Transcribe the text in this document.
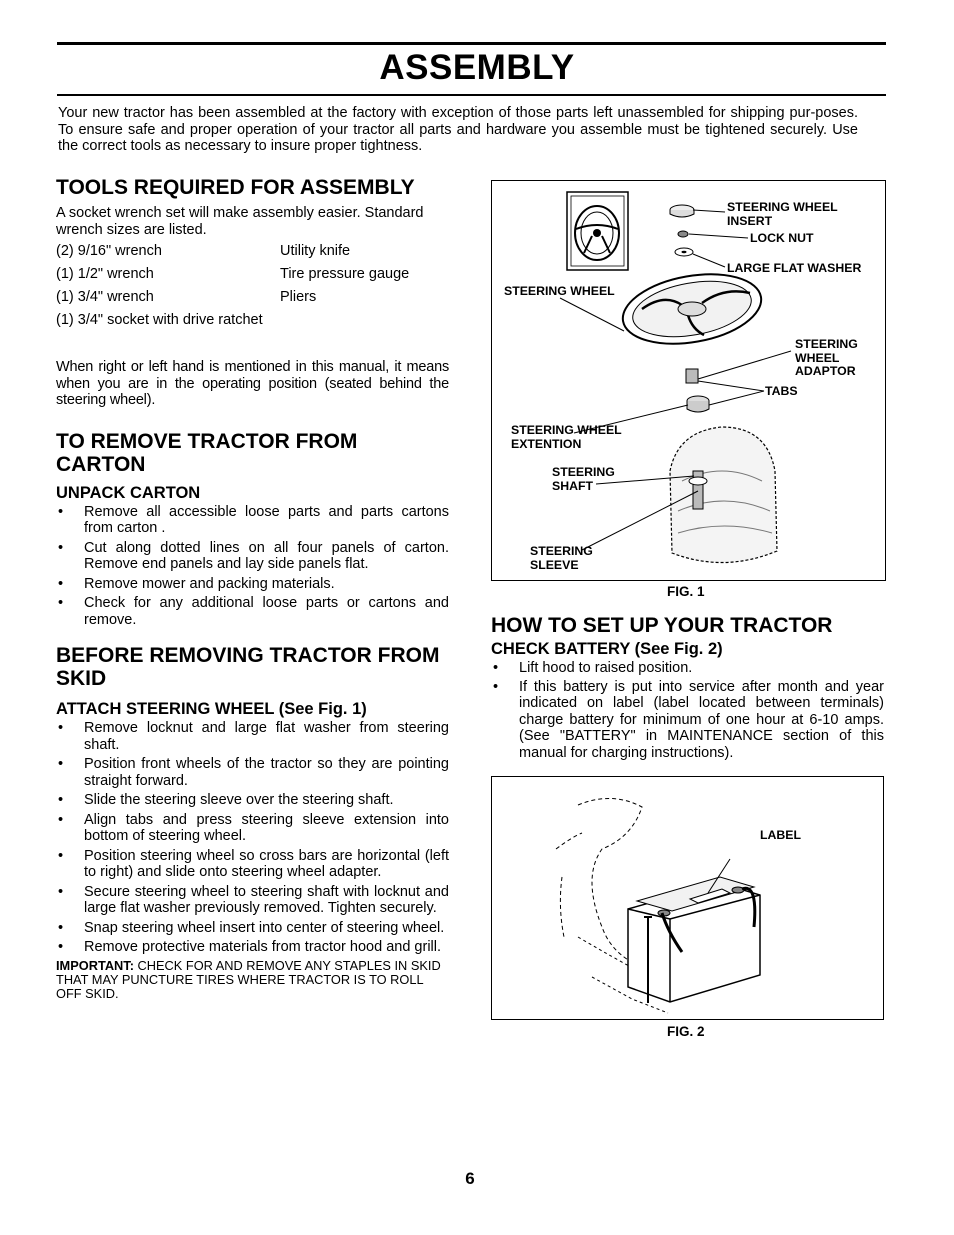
ASSEMBLY

Your new tractor has been assembled at the factory with exception of those parts left unassembled for shipping pur-poses. To ensure safe and proper operation of your tractor all parts and hardware you assemble must be tightened securely. Use the correct tools as necessary to insure proper tightness.

TOOLS REQUIRED FOR ASSEMBLY

A socket wrench set will make assembly easier. Standard wrench sizes are listed.

(2) 9/16" wrench	Utility knife
(1) 1/2" wrench	Tire pressure gauge
(1) 3/4" wrench	Pliers
(1) 3/4" socket with drive ratchet

When right or left hand is mentioned in this manual, it means when you are in the operating position (seated behind the steering wheel).

TO REMOVE TRACTOR FROM CARTON
UNPACK CARTON
• Remove all accessible loose parts and parts cartons from carton .
• Cut along dotted lines on all four panels of carton. Remove end panels and lay side panels flat.
• Remove mower and packing materials.
• Check for any additional loose parts or cartons and remove.
BEFORE REMOVING TRACTOR FROM SKID
ATTACH STEERING WHEEL (See Fig. 1)
• Remove locknut and large flat washer from steering shaft.
• Position front wheels of the tractor so they are pointing straight forward.
• Slide the steering sleeve over the steering shaft.
• Align tabs and press steering sleeve extension into bottom of steering wheel.
• Position steering wheel so cross bars are horizontal (left to right) and slide onto steering wheel adapter.
• Secure steering wheel to steering shaft with locknut and large flat washer previously removed. Tighten securely.
• Snap steering wheel insert into center of steering wheel.
• Remove protective materials from tractor hood and grill.

IMPORTANT: CHECK FOR AND REMOVE ANY STAPLES IN SKID THAT MAY PUNCTURE TIRES WHERE TRACTOR IS TO ROLL OFF SKID.

STEERING WHEEL INSERT
LOCK NUT
LARGE FLAT WASHER
STEERING WHEEL
STEERING WHEEL ADAPTOR
TABS
STEERING WHEEL EXTENTION
STEERING SHAFT
STEERING SLEEVE
FIG. 1
HOW TO SET UP YOUR TRACTOR
CHECK BATTERY (See Fig. 2)
• Lift hood to raised position.
• If this battery is put into service after month and year indicated on label (label located between terminals) charge battery for minimum of one hour at 6-10 amps. (See "BATTERY" in MAINTENANCE section of this manual for charging instructions).
LABEL
FIG. 2
6
